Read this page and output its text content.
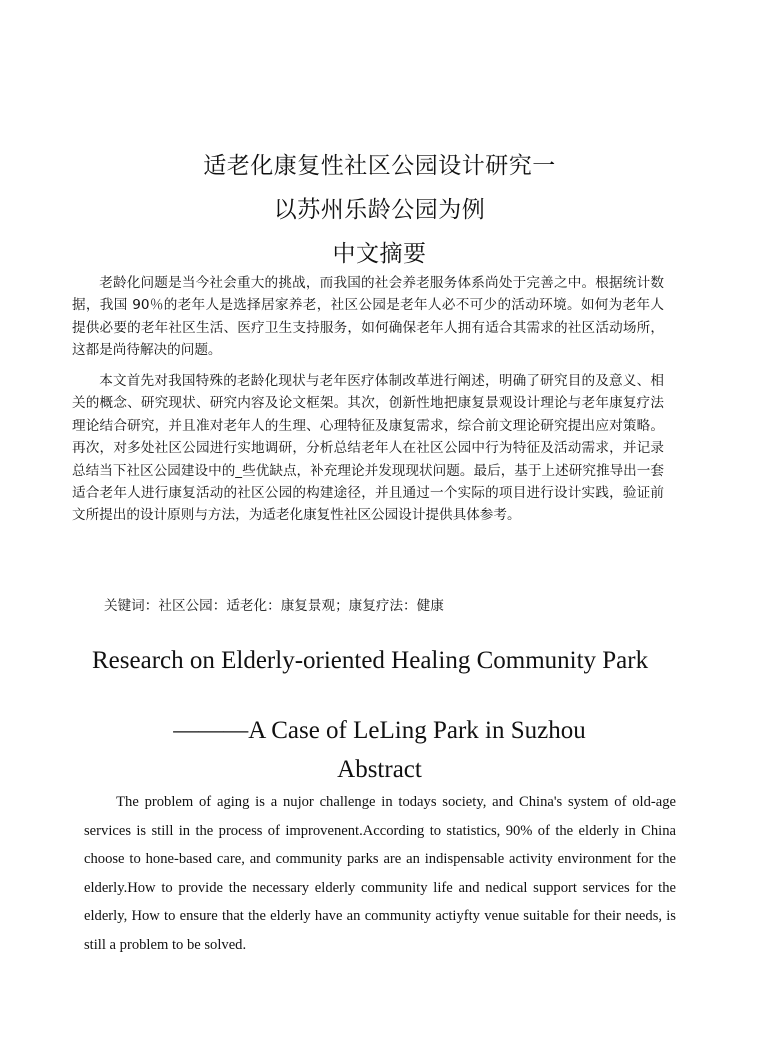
适老化康复性社区公园设计研究一
以苏州乐龄公园为例
中文摘要

老龄化问题是当今社会重大的挑战，而我国的社会养老服务体系尚处于完善之中。根据统计数据，我国 90％的老年人是选择居家养老，社区公园是老年人必不可少的活动环境。如何为老年人提供必要的老年社区生活、医疗卫生支持服务，如何确保老年人拥有适合其需求的社区活动场所，这都是尚待解决的问题。

本文首先对我国特殊的老龄化现状与老年医疗体制改革进行阐述，明确了研究目的及意义、相关的概念、研究现状、研究内容及论文框架。其次，创新性地把康复景观设计理论与老年康复疗法理论结合研究，并且准对老年人的生理、心理特征及康复需求，综合前文理论研究提出应对策略。再次，对多处社区公园进行实地调研，分析总结老年人在社区公园中行为特征及活动需求，并记录总结当下社区公园建设中的_些优缺点，补充理论并发现现状问题。最后，基于上述研究推导出一套适合老年人进行康复活动的社区公园的构建途径，并且通过一个实际的项目进行设计实践，验证前文所提出的设计原则与方法，为适老化康复性社区公园设计提供具体参考。

关键词：社区公园：适老化：康复景观；康复疗法：健康

Research on Elderly-oriented Healing Community Park

———A Case of LeLing Park in Suzhou
Abstract

The problem of aging is a nujor challenge in todays society, and China's system of old-age services is still in the process of improvenent.According to statistics, 90% of the elderly in China choose to hone-based care, and community parks are an indispensable activity environment for the elderly.How to provide the necessary elderly community life and nedical support services for the elderly, How to ensure that the elderly have an community actiyfty venue suitable for their needs, is still a problem to be solved.
